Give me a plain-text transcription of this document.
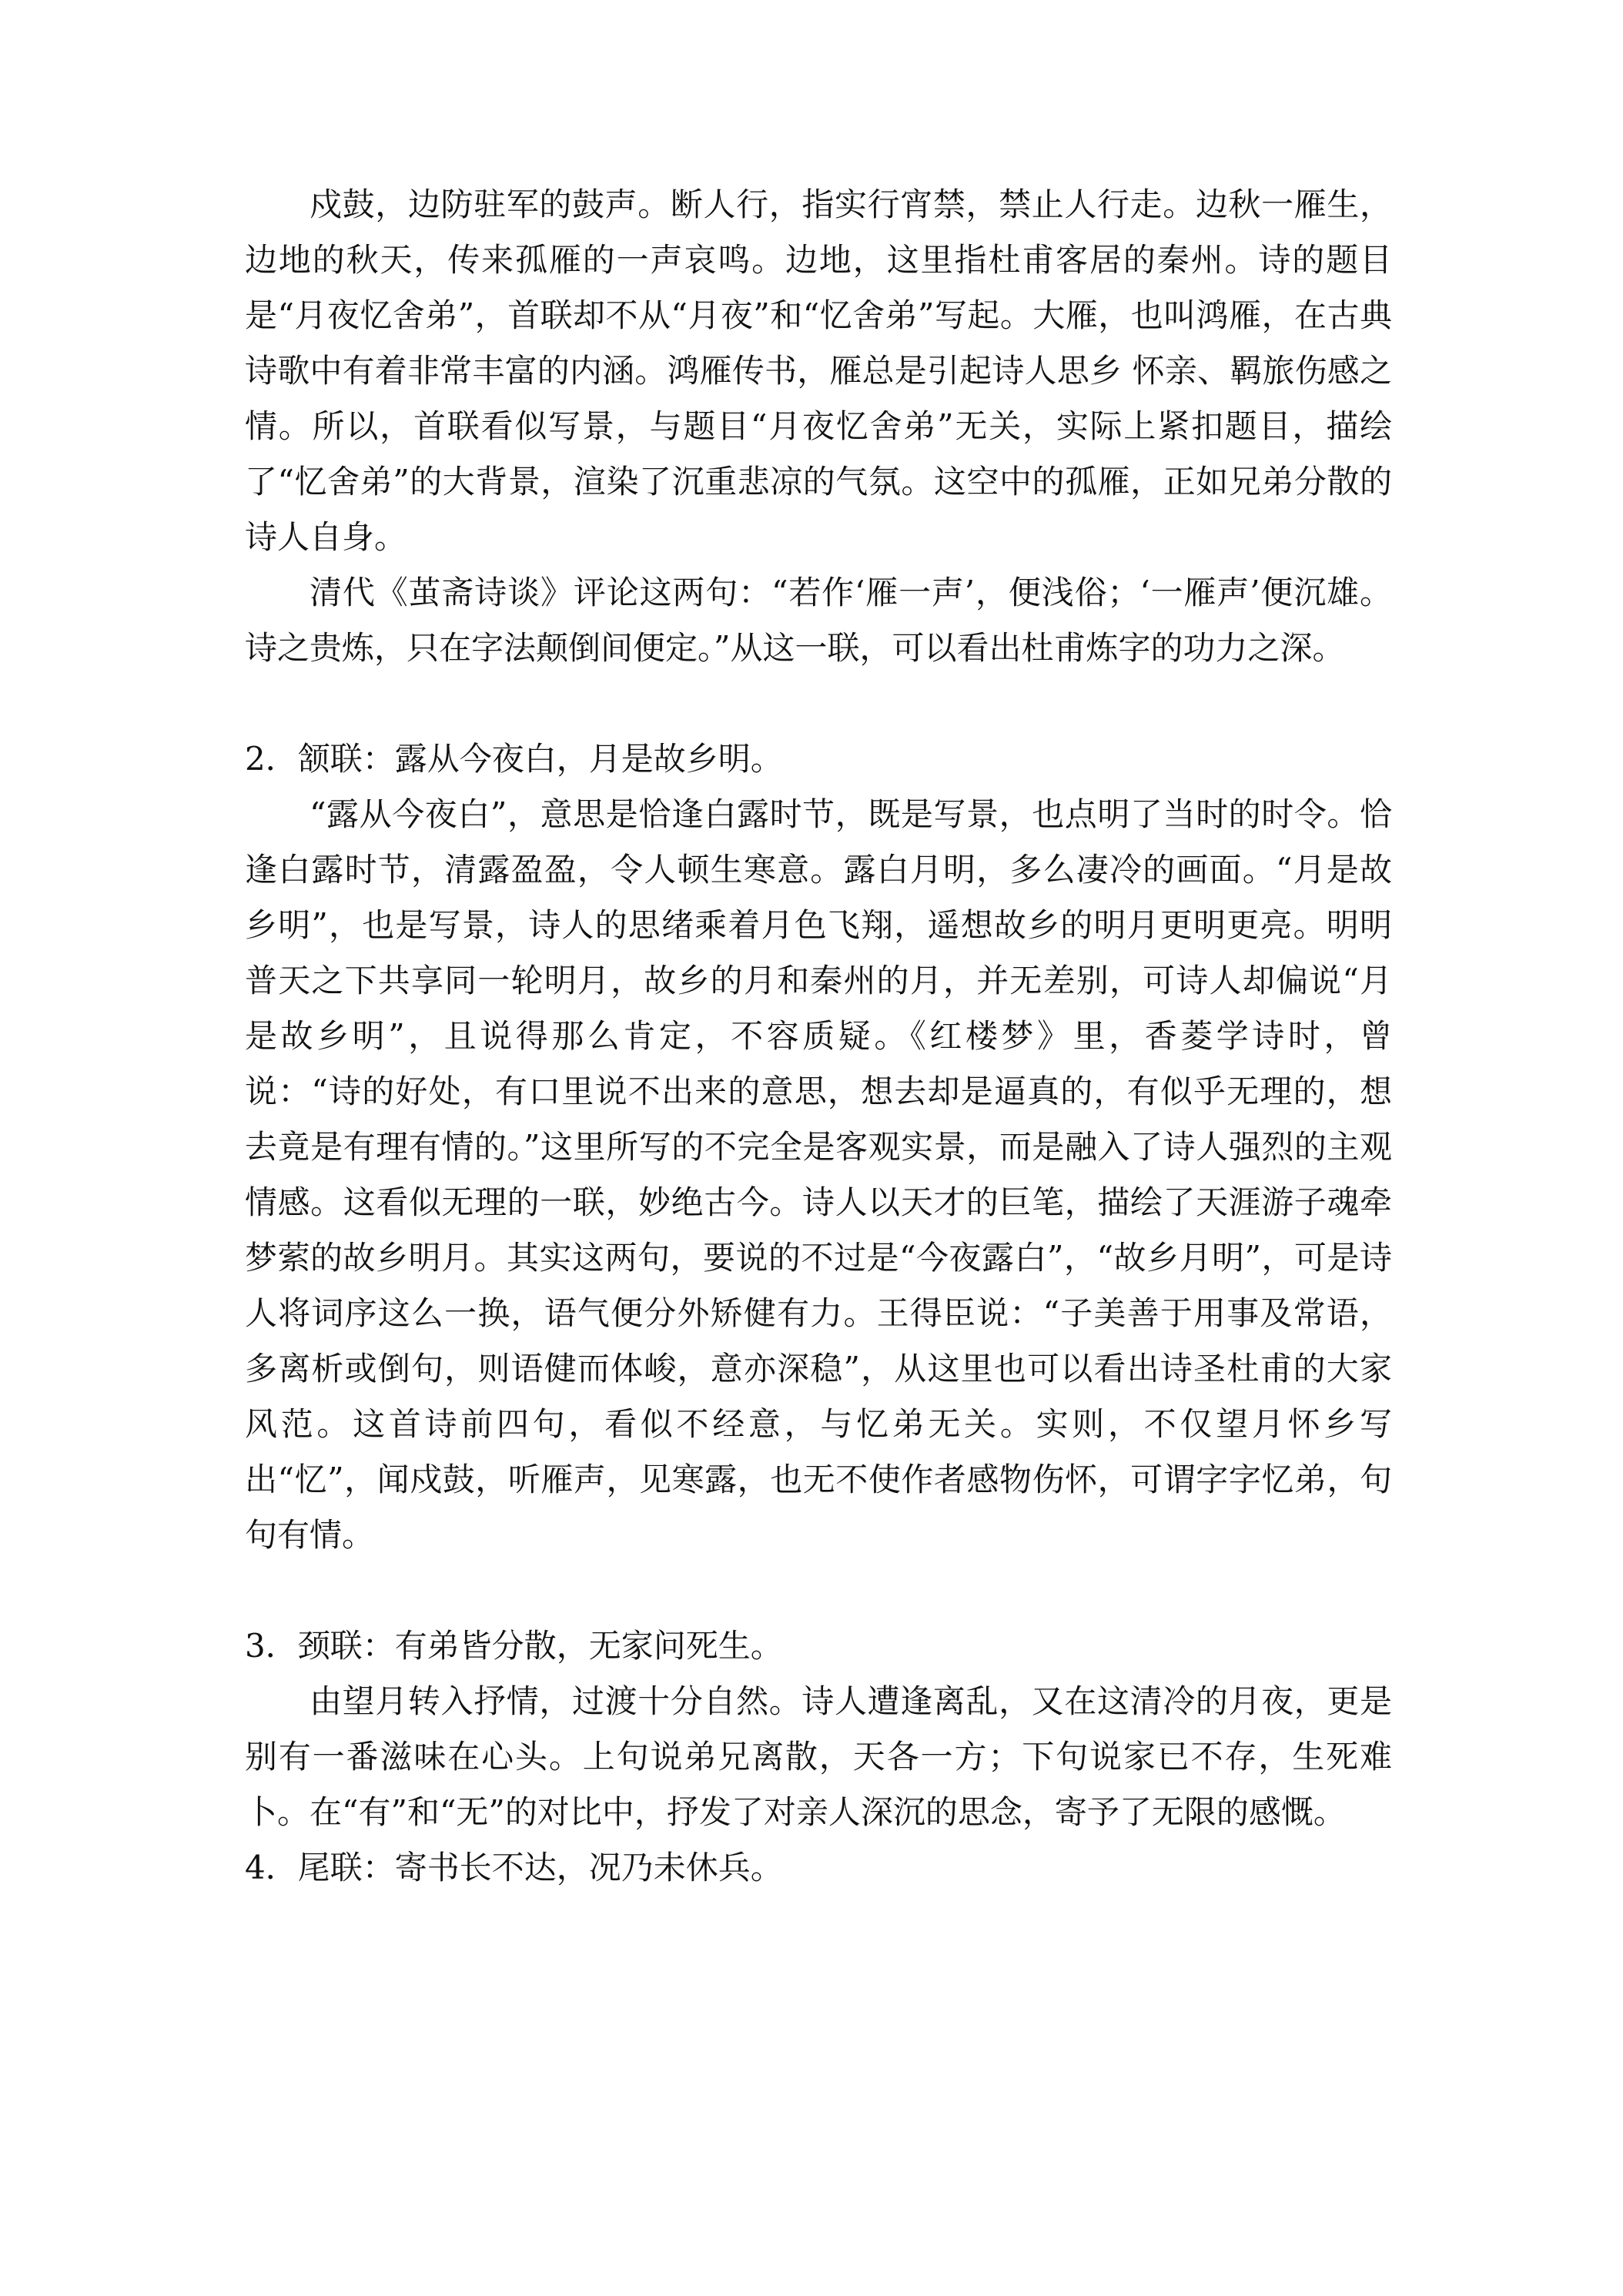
戍鼓，边防驻军的鼓声。断人行，指实行宵禁，禁止人行走。边秋一雁生，边地的秋天，传来孤雁的一声哀鸣。边地，这里指杜甫客居的秦州。诗的题目是“月夜忆舍弟”，首联却不从“月夜”和“忆舍弟”写起。大雁，也叫鸿雁，在古典诗歌中有着非常丰富的内涵。鸿雁传书，雁总是引起诗人思乡 怀亲、羁旅伤感之情。所以，首联看似写景，与题目“月夜忆舍弟”无关，实际上紧扣题目，描绘了“忆舍弟”的大背景，渲染了沉重悲凉的气氛。这空中的孤雁，正如兄弟分散的诗人自身。

清代《茧斋诗谈》评论这两句：“若作‘雁一声’，便浅俗；‘一雁声’便沉雄。诗之贵炼，只在字法颠倒间便定。”从这一联，可以看出杜甫炼字的功力之深。

2．颔联：露从今夜白，月是故乡明。

“露从今夜白”，意思是恰逢白露时节，既是写景，也点明了当时的时令。恰逢白露时节，清露盈盈，令人顿生寒意。露白月明，多么凄冷的画面。“月是故乡明”，也是写景，诗人的思绪乘着月色飞翔，遥想故乡的明月更明更亮。明明普天之下共享同一轮明月，故乡的月和秦州的月，并无差别，可诗人却偏说“月是故乡明”，且说得那么肯定，不容质疑。《红楼梦》里，香菱学诗时，曾说：“诗的好处，有口里说不出来的意思，想去却是逼真的，有似乎无理的，想去竟是有理有情的。”这里所写的不完全是客观实景，而是融入了诗人强烈的主观情感。这看似无理的一联，妙绝古今。诗人以天才的巨笔，描绘了天涯游子魂牵梦萦的故乡明月。其实这两句，要说的不过是“今夜露白”，“故乡月明”，可是诗人将词序这么一换，语气便分外矫健有力。王得臣说：“子美善于用事及常语，多离析或倒句，则语健而体峻，意亦深稳”，从这里也可以看出诗圣杜甫的大家风范。这首诗前四句，看似不经意，与忆弟无关。实则，不仅望月怀乡写出“忆”，闻戍鼓，听雁声，见寒露，也无不使作者感物伤怀，可谓字字忆弟，句句有情。

3．颈联：有弟皆分散，无家问死生。

由望月转入抒情，过渡十分自然。诗人遭逢离乱，又在这清冷的月夜，更是别有一番滋味在心头。上句说弟兄离散，天各一方；下句说家已不存，生死难卜。在“有”和“无”的对比中，抒发了对亲人深沉的思念，寄予了无限的感慨。

4．尾联：寄书长不达，况乃未休兵。
